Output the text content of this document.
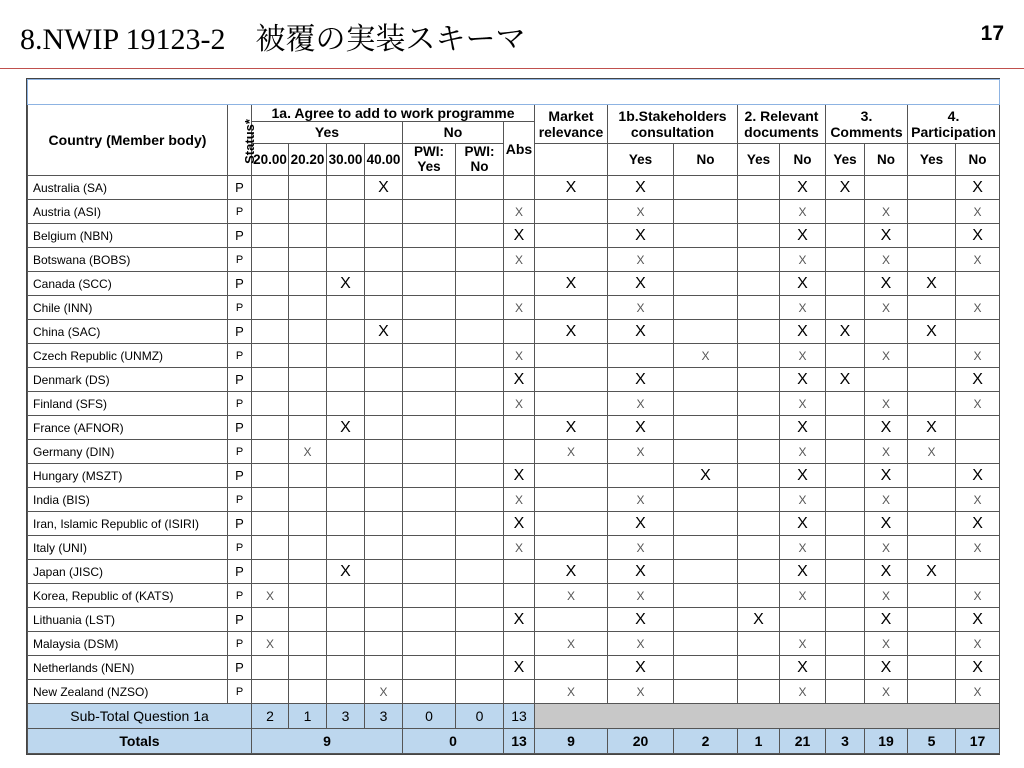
8.NWIP 19123-2　被覆の実装スキーマ	17
Member responses - Votes by members																	
Country (Member body)	Status*	1a. Agree to add to work programme							Market relevance	1b.Stakeholders consultation		2. Relevant documents		3. Comments		4. Participation	
		Yes				No		Abs									
		20.00	20.20	30.00	40.00	PWI: Yes	PWI: No			Yes	No	Yes	No	Yes	No	Yes	No
Australia (SA)	P				X				X	X			X	X			X
Austria (ASI)	P							X		X			X		X		X
Belgium (NBN)	P							X		X			X		X		X
Botswana (BOBS)	P							X		X			X		X		X
Canada (SCC)	P			X					X	X			X		X	X	
Chile (INN)	P							X		X			X		X		X
China (SAC)	P				X				X	X			X	X		X	
Czech Republic (UNMZ)	P							X			X		X		X		X
Denmark (DS)	P							X		X			X	X			X
Finland (SFS)	P							X		X			X		X		X
France (AFNOR)	P			X					X	X			X		X	X	
Germany (DIN)	P		X						X	X			X		X	X	
Hungary (MSZT)	P							X			X		X		X		X
India (BIS)	P							X		X			X		X		X
Iran, Islamic Republic of (ISIRI)	P							X		X			X		X		X
Italy (UNI)	P							X		X			X		X		X
Japan (JISC)	P			X					X	X			X		X	X	
Korea, Republic of (KATS)	P	X							X	X			X		X		X
Lithuania (LST)	P							X		X		X			X		X
Malaysia (DSM)	P	X							X	X			X		X		X
Netherlands (NEN)	P							X		X			X		X		X
New Zealand (NZSO)	P				X				X	X			X		X		X
Sub-Total Question 1a		2	1	3	3	0	0	13									
Totals		9				0		13	9	20	2	1	21	3	19	5	17
